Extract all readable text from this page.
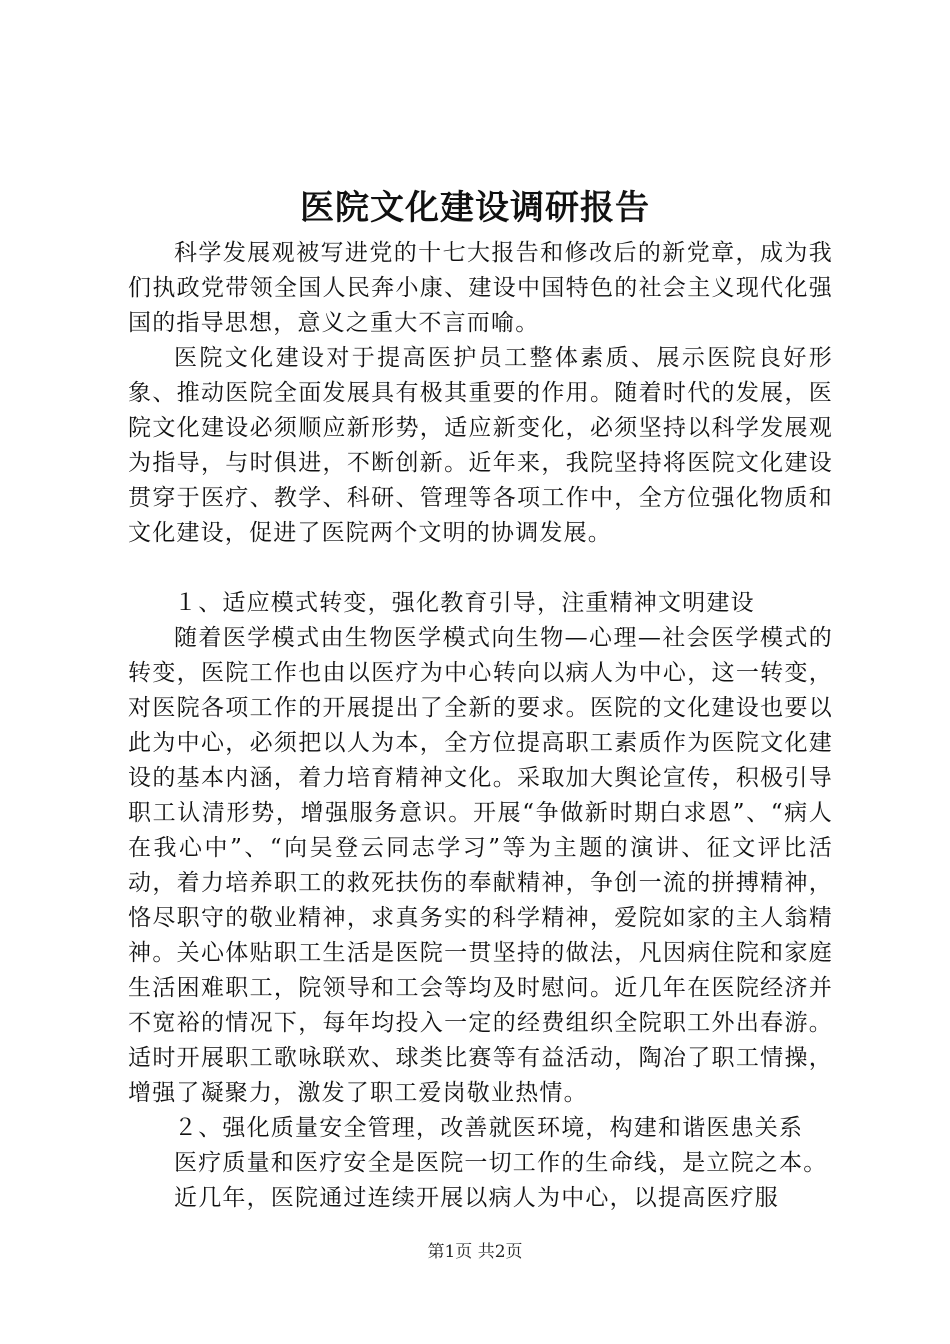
医院文化建设调研报告

科学发展观被写进党的十七大报告和修改后的新党章，成为我们执政党带领全国人民奔小康、建设中国特色的社会主义现代化强国的指导思想，意义之重大不言而喻。

医院文化建设对于提高医护员工整体素质、展示医院良好形象、推动医院全面发展具有极其重要的作用。随着时代的发展，医院文化建设必须顺应新形势，适应新变化，必须坚持以科学发展观为指导，与时俱进，不断创新。近年来，我院坚持将医院文化建设贯穿于医疗、教学、科研、管理等各项工作中，全方位强化物质和文化建设，促进了医院两个文明的协调发展。

１、适应模式转变，强化教育引导，注重精神文明建设

随着医学模式由生物医学模式向生物—心理—社会医学模式的转变，医院工作也由以医疗为中心转向以病人为中心，这一转变，对医院各项工作的开展提出了全新的要求。医院的文化建设也要以此为中心，必须把以人为本，全方位提高职工素质作为医院文化建设的基本内涵，着力培育精神文化。采取加大舆论宣传，积极引导职工认清形势，增强服务意识。开展“争做新时期白求恩”、“病人在我心中”、“向吴登云同志学习”等为主题的演讲、征文评比活动，着力培养职工的救死扶伤的奉献精神，争创一流的拼搏精神，恪尽职守的敬业精神，求真务实的科学精神，爱院如家的主人翁精神。关心体贴职工生活是医院一贯坚持的做法，凡因病住院和家庭生活困难职工，院领导和工会等均及时慰问。近几年在医院经济并不宽裕的情况下，每年均投入一定的经费组织全院职工外出春游。适时开展职工歌咏联欢、球类比赛等有益活动，陶冶了职工情操，增强了凝聚力，激发了职工爱岗敬业热情。

２、强化质量安全管理，改善就医环境，构建和谐医患关系

医疗质量和医疗安全是医院一切工作的生命线，是立院之本。

近几年，医院通过连续开展以病人为中心，以提高医疗服

第1页 共2页
